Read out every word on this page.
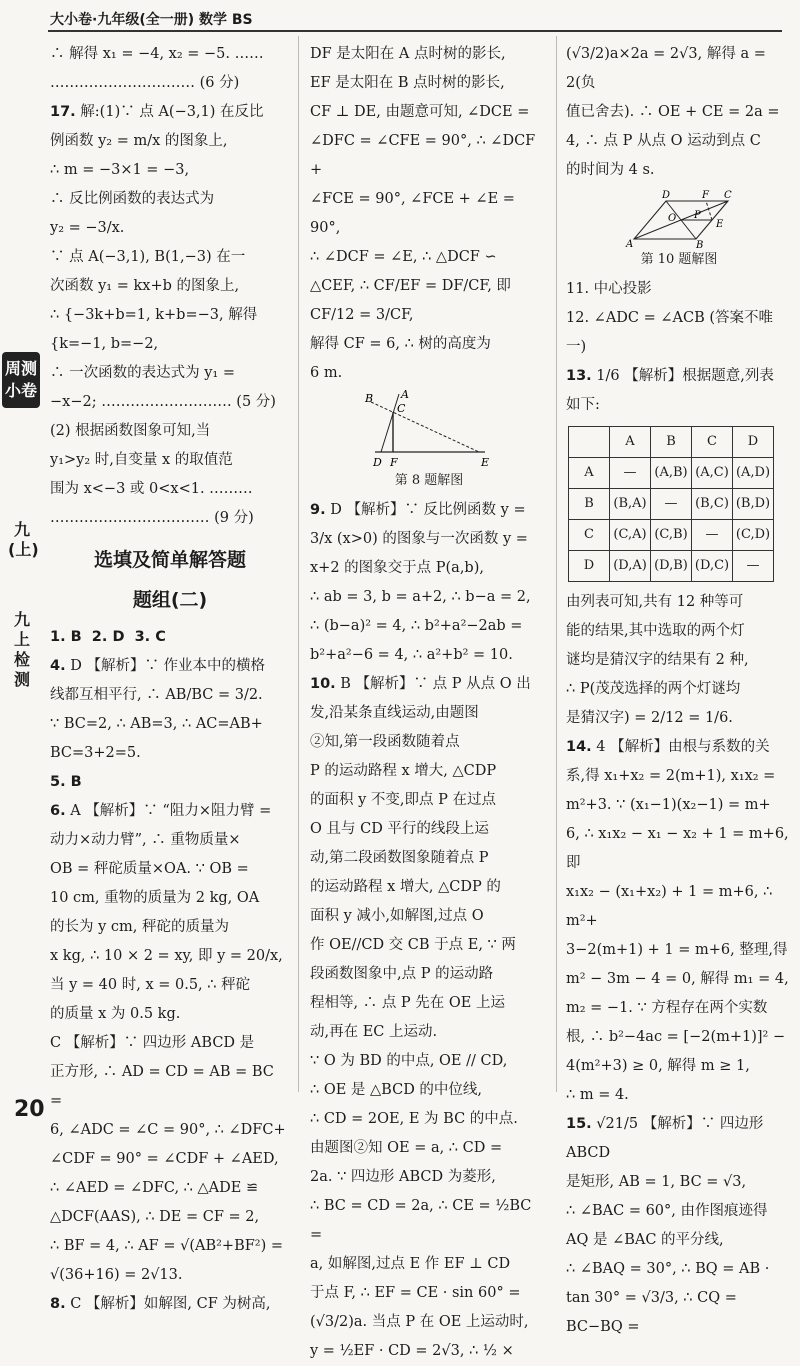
大小卷·九年级(全一册) 数学 BS
周测小卷
九(上)
九上检测

∴ 解得 x₁ = −4, x₂ = −5. ……

………………………… (6 分)

17. 解:(1)∵ 点 A(−3,1) 在反比

例函数 y₂ = m/x 的图象上,

∴ m = −3×1 = −3,

∴ 反比例函数的表达式为

y₂ = −3/x.

∵ 点 A(−3,1), B(1,−3) 在一

次函数 y₁ = kx+b 的图象上,

∴ {−3k+b=1, k+b=−3, 解得 {k=−1, b=−2,

∴ 一次函数的表达式为 y₁ =

−x−2; ……………………… (5 分)

(2) 根据函数图象可知,当

y₁>y₂ 时,自变量 x 的取值范

围为 x<−3 或 0<x<1. ………

…………………………… (9 分)

选填及简单解答题
题组(二)

1. B  2. D  3. C

4. D 【解析】∵ 作业本中的横格

线都互相平行, ∴ AB/BC = 3/2.

∵ BC=2, ∴ AB=3, ∴ AC=AB+

BC=3+2=5.

5. B

6. A 【解析】∵ “阻力×阻力臂 =

动力×动力臂”, ∴ 重物质量×

OB = 秤砣质量×OA. ∵ OB =

10 cm, 重物的质量为 2 kg, OA

的长为 y cm, 秤砣的质量为

x kg, ∴ 10 × 2 = xy, 即 y = 20/x,

当 y = 40 时, x = 0.5, ∴ 秤砣

的质量 x 为 0.5 kg.

C 【解析】∵ 四边形 ABCD 是

正方形, ∴ AD = CD = AB = BC =

6, ∠ADC = ∠C = 90°, ∴ ∠DFC+

∠CDF = 90° = ∠CDF + ∠AED,

∴ ∠AED = ∠DFC, ∴ △ADE ≌

△DCF(AAS), ∴ DE = CF = 2,

∴ BF = 4, ∴ AF = √(AB²+BF²) =

√(36+16) = 2√13.

8. C 【解析】如解图, CF 为树高,

DF 是太阳在 A 点时树的影长,

EF 是太阳在 B 点时树的影长,

CF ⊥ DE, 由题意可知, ∠DCE =

∠DFC = ∠CFE = 90°, ∴ ∠DCF +

∠FCE = 90°, ∠FCE + ∠E = 90°,

∴ ∠DCF = ∠E, ∴ △DCF ∽

△CEF, ∴ CF/EF = DF/CF, 即 CF/12 = 3/CF,

解得 CF = 6, ∴ 树的高度为

6 m.

B	A
C
D F	E
第 8 题解图

9. D 【解析】∵ 反比例函数 y =

3/x (x>0) 的图象与一次函数 y =

x+2 的图象交于点 P(a,b),

∴ ab = 3, b = a+2, ∴ b−a = 2,

∴ (b−a)² = 4, ∴ b²+a²−2ab =

b²+a²−6 = 4, ∴ a²+b² = 10.

10. B 【解析】∵ 点 P 从点 O 出

发,沿某条直线运动,由题图

②知,第一段函数随着点

P 的运动路程 x 增大, △CDP

的面积 y 不变,即点 P 在过点

O 且与 CD 平行的线段上运

动,第二段函数图象随着点 P

的运动路程 x 增大, △CDP 的

面积 y 减小,如解图,过点 O

作 OE//CD 交 CB 于点 E, ∵ 两

段函数图象中,点 P 的运动路

程相等, ∴ 点 P 先在 OE 上运

动,再在 EC 上运动.

∵ O 为 BD 的中点, OE // CD,

∴ OE 是 △BCD 的中位线,

∴ CD = 2OE, E 为 BC 的中点.

由题图②知 OE = a, ∴ CD =

2a. ∵ 四边形 ABCD 为菱形,

∴ BC = CD = 2a, ∴ CE = ½BC =

a, 如解图,过点 E 作 EF ⊥ CD

于点 F, ∴ EF = CE · sin 60° =

(√3/2)a. 当点 P 在 OE 上运动时,

y = ½EF · CD = 2√3, ∴ ½ ×

(√3/2)a×2a = 2√3, 解得 a = 2(负

值已舍去). ∴ OE + CE = 2a =

4, ∴ 点 P 从点 O 运动到点 C

的时间为 4 s.

D	F C
O P
A	B
E
第 10 题解图

11. 中心投影

12. ∠ADC = ∠ACB (答案不唯一)

13. 1/6 【解析】根据题意,列表

如下:

	A	B	C	D
A	—	(A,B)	(A,C)	(A,D)
B	(B,A)	—	(B,C)	(B,D)
C	(C,A)	(C,B)	—	(C,D)
D	(D,A)	(D,B)	(D,C)	—

由列表可知,共有 12 种等可

能的结果,其中选取的两个灯

谜均是猜汉字的结果有 2 种,

∴ P(茂茂选择的两个灯谜均

是猜汉字) = 2/12 = 1/6.

14. 4 【解析】由根与系数的关

系,得 x₁+x₂ = 2(m+1), x₁x₂ =

m²+3. ∵ (x₁−1)(x₂−1) = m+

6, ∴ x₁x₂ − x₁ − x₂ + 1 = m+6, 即

x₁x₂ − (x₁+x₂) + 1 = m+6, ∴ m²+

3−2(m+1) + 1 = m+6, 整理,得

m² − 3m − 4 = 0, 解得 m₁ = 4,

m₂ = −1. ∵ 方程存在两个实数

根, ∴ b²−4ac = [−2(m+1)]² −

4(m²+3) ≥ 0, 解得 m ≥ 1,

∴ m = 4.

15. √21/5 【解析】∵ 四边形ABCD

是矩形, AB = 1, BC = √3,

∴ ∠BAC = 60°, 由作图痕迹得

AQ 是 ∠BAC 的平分线,

∴ ∠BAQ = 30°, ∴ BQ = AB ·

tan 30° = √3/3, ∴ CQ = BC−BQ =

20
